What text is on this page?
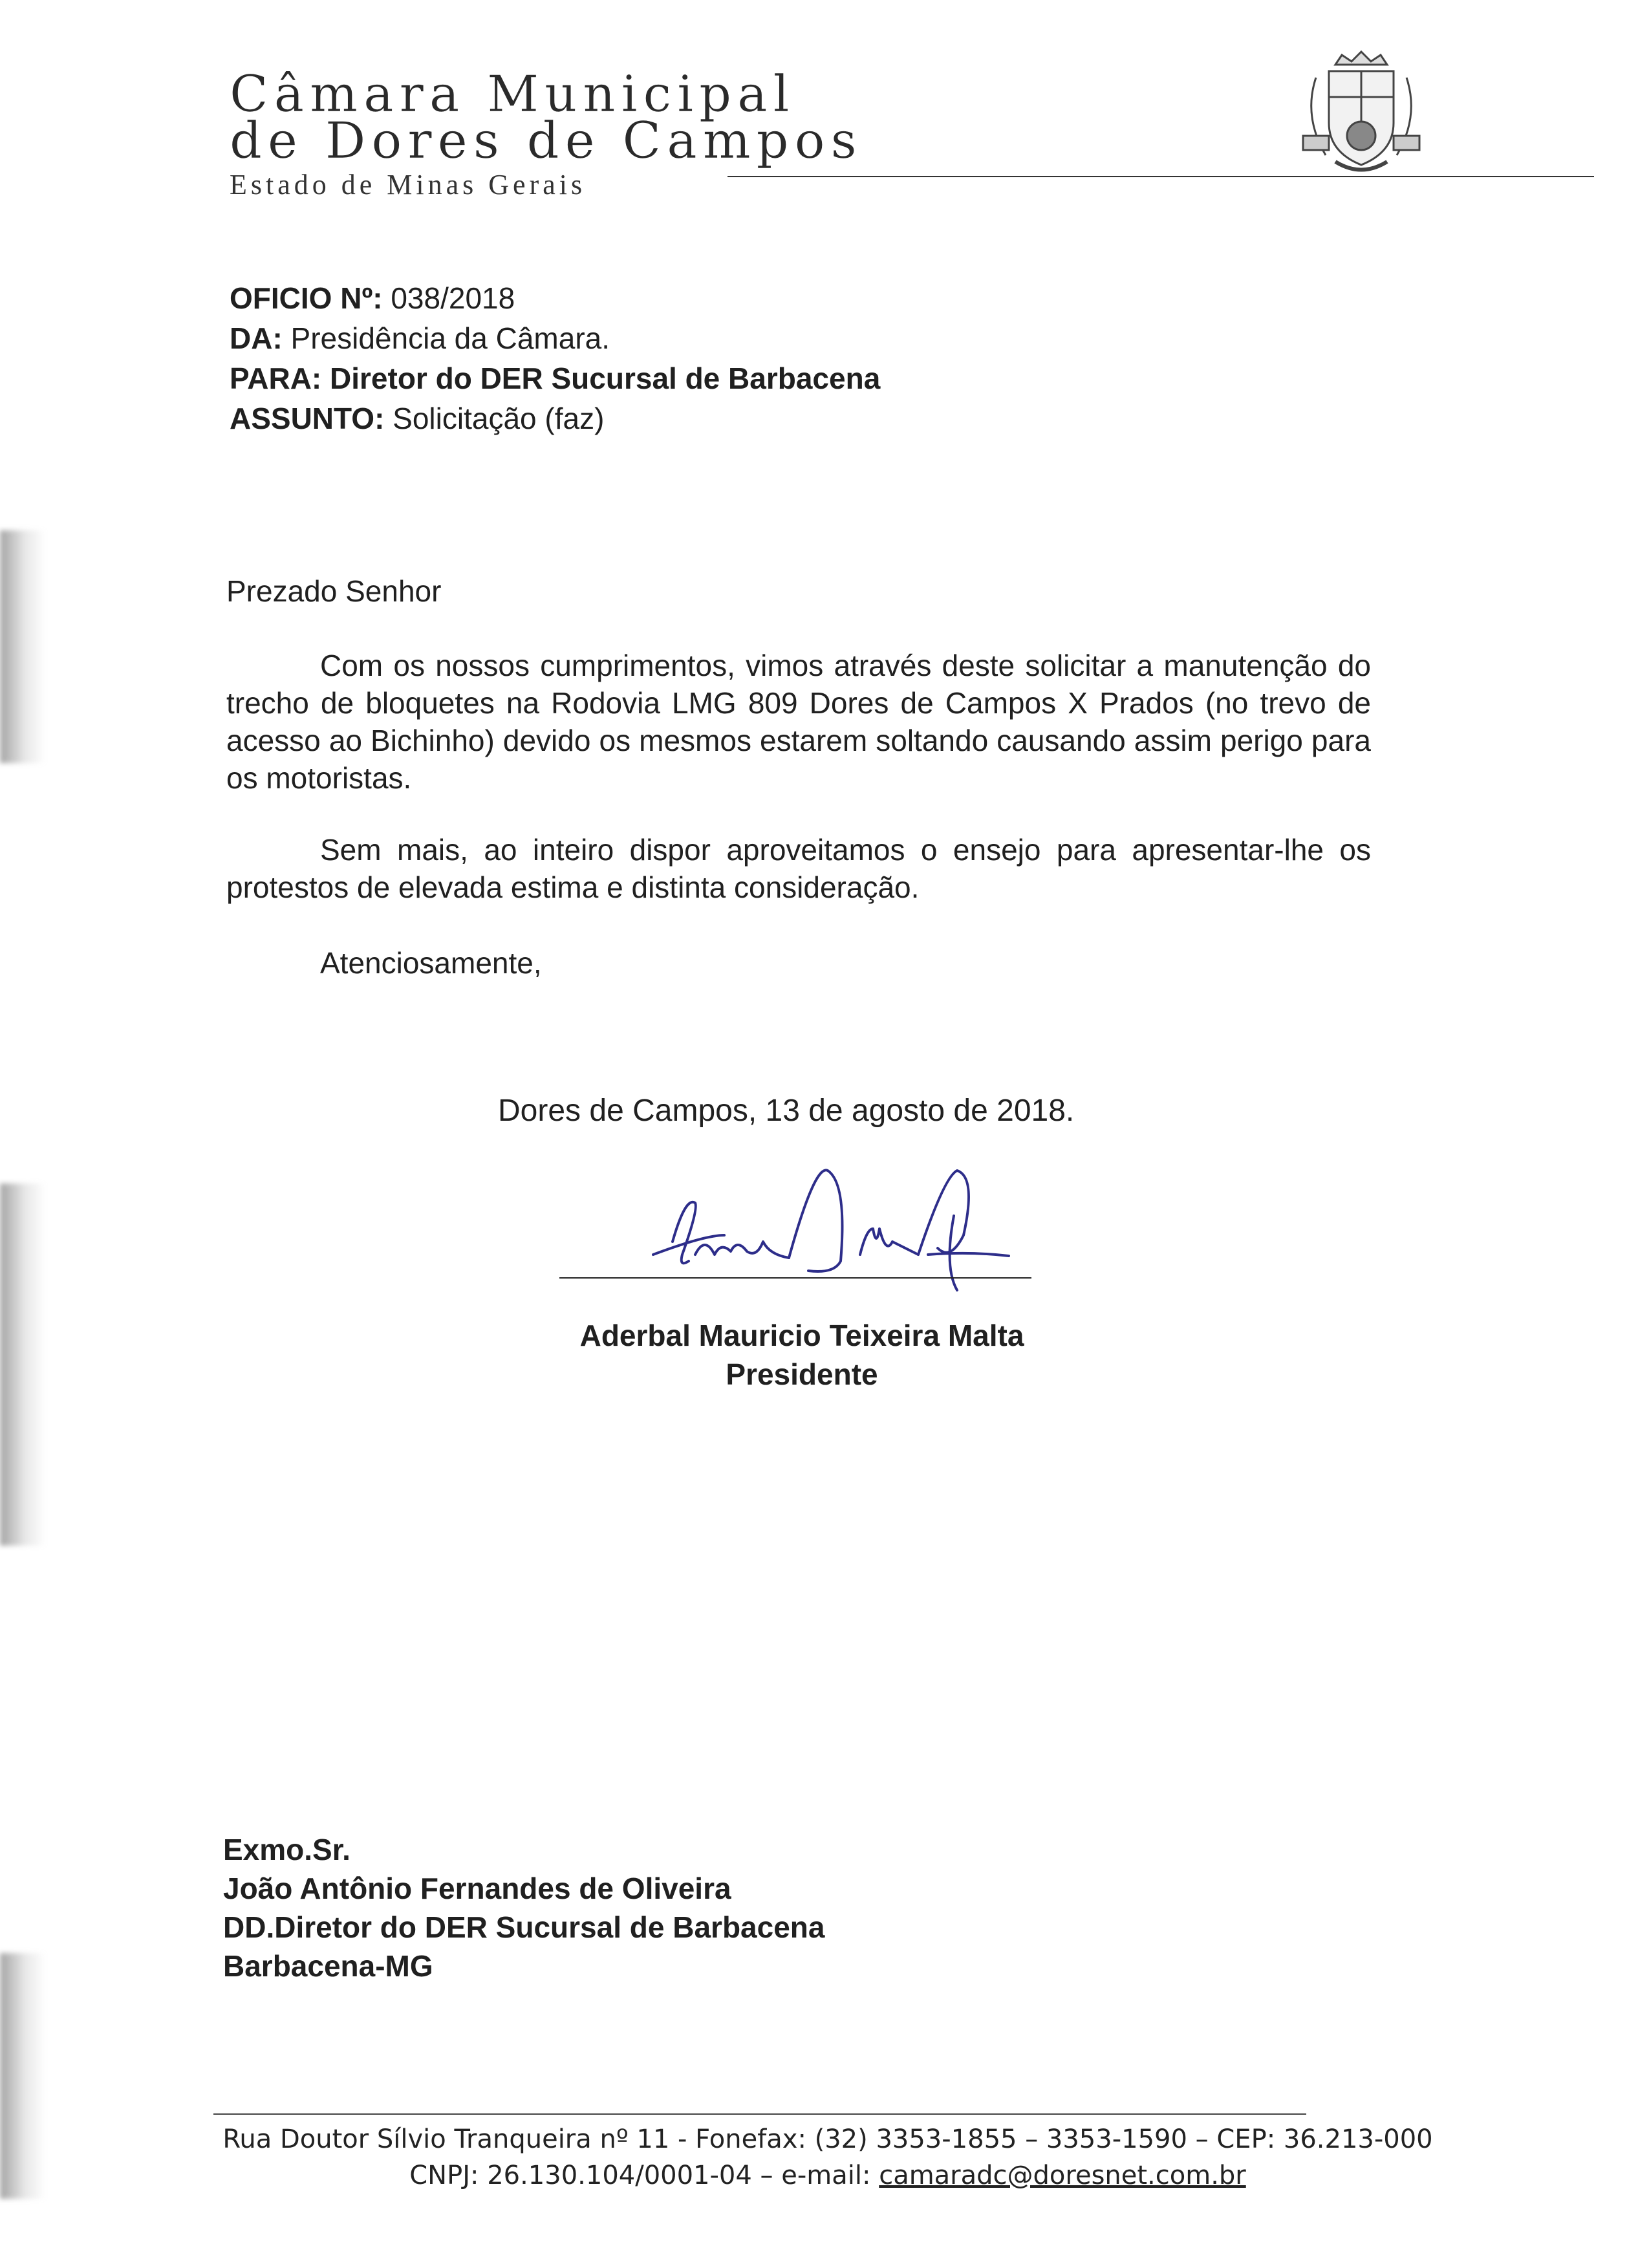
Câmara Municipal
de Dores de Campos
Estado de Minas Gerais
OFICIO Nº: 038/2018
DA: Presidência da Câmara.
PARA: Diretor do DER Sucursal de Barbacena
ASSUNTO: Solicitação (faz)

Prezado Senhor

Com os nossos cumprimentos, vimos através deste solicitar a manutenção do trecho de bloquetes na Rodovia LMG 809 Dores de Campos X Prados (no trevo de acesso ao Bichinho) devido os mesmos estarem soltando causando assim perigo para os motoristas.

Sem mais, ao inteiro dispor aproveitamos o ensejo para apresentar-lhe os protestos de elevada estima e distinta consideração.

Atenciosamente,

Dores de Campos, 13 de agosto de 2018.
Aderbal Mauricio Teixeira Malta
Presidente
Exmo.Sr.
João Antônio Fernandes de Oliveira
DD.Diretor do DER Sucursal de Barbacena
Barbacena-MG
Rua Doutor Sílvio Tranqueira nº 11 - Fonefax: (32) 3353-1855 – 3353-1590 – CEP: 36.213-000
CNPJ: 26.130.104/0001-04 – e-mail: camaradc@doresnet.com.br
